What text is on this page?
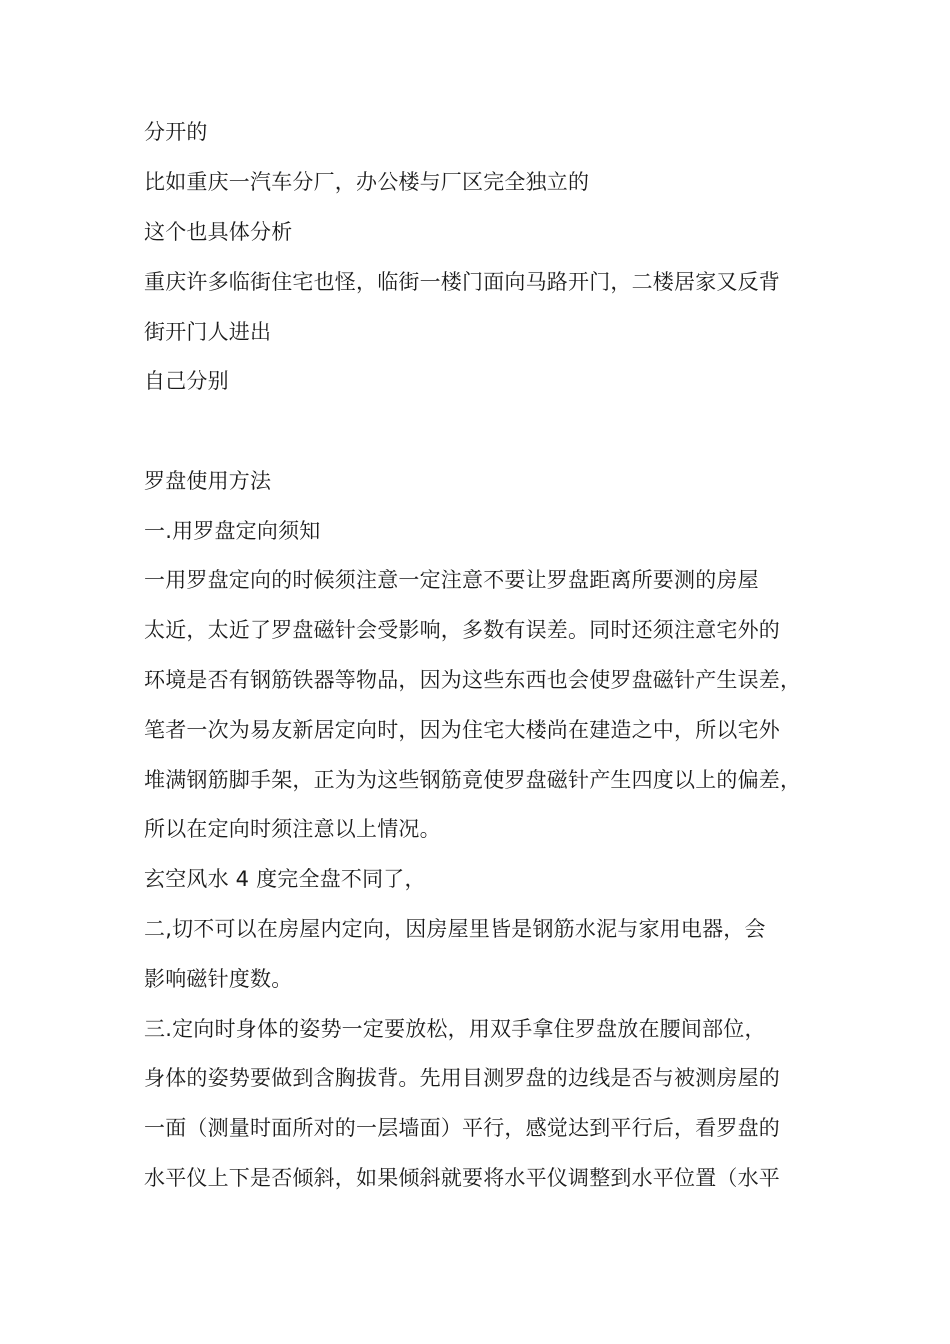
分开的
比如重庆一汽车分厂，办公楼与厂区完全独立的
这个也具体分析
重庆许多临街住宅也怪，临街一楼门面向马路开门，二楼居家又反背
街开门人进出
自己分别
罗盘使用方法
一.用罗盘定向须知
一用罗盘定向的时候须注意一定注意不要让罗盘距离所要测的房屋
太近，太近了罗盘磁针会受影响，多数有误差。同时还须注意宅外的
环境是否有钢筋铁器等物品，因为这些东西也会使罗盘磁针产生误差，
笔者一次为易友新居定向时，因为住宅大楼尚在建造之中，所以宅外
堆满钢筋脚手架，正为为这些钢筋竟使罗盘磁针产生四度以上的偏差，
所以在定向时须注意以上情况。
玄空风水 4 度完全盘不同了，
二,切不可以在房屋内定向，因房屋里皆是钢筋水泥与家用电器，会
影响磁针度数。
三.定向时身体的姿势一定要放松，用双手拿住罗盘放在腰间部位，
身体的姿势要做到含胸拔背。先用目测罗盘的边线是否与被测房屋的
一面（测量时面所对的一层墙面）平行，感觉达到平行后，看罗盘的
水平仪上下是否倾斜，如果倾斜就要将水平仪调整到水平位置（水平
